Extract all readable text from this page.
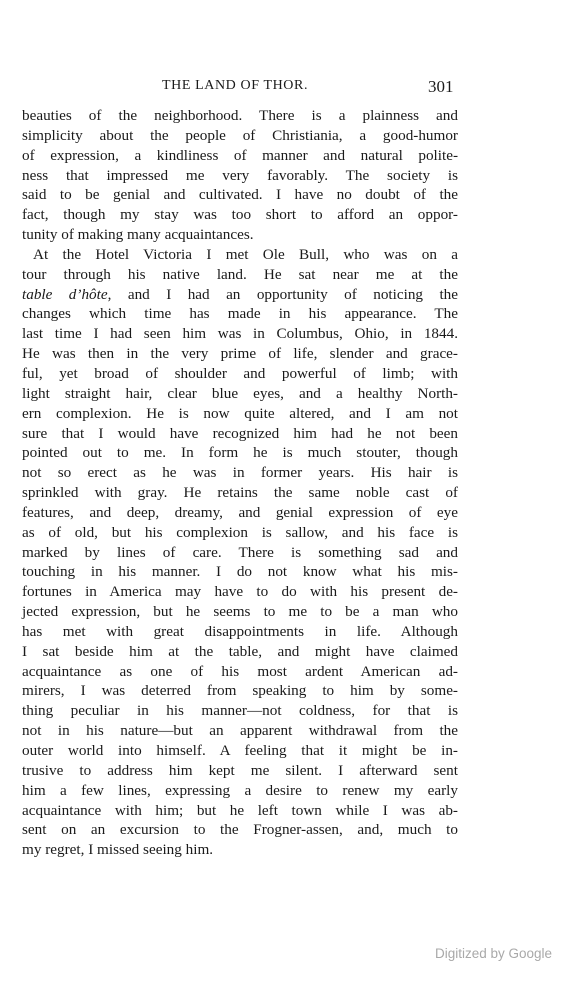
THE LAND OF THOR.	301
beauties of the neighborhood. There is a plainness and
simplicity about the people of Christiania, a good-humor
of expression, a kindliness of manner and natural polite-
ness that impressed me very favorably. The society is
said to be genial and cultivated. I have no doubt of the
fact, though my stay was too short to afford an oppor-
tunity of making many acquaintances.
At the Hotel Victoria I met Ole Bull, who was on a
tour through his native land. He sat near me at the
table d’hôte, and I had an opportunity of noticing the
changes which time has made in his appearance. The
last time I had seen him was in Columbus, Ohio, in 1844.
He was then in the very prime of life, slender and grace-
ful, yet broad of shoulder and powerful of limb; with
light straight hair, clear blue eyes, and a healthy North-
ern complexion. He is now quite altered, and I am not
sure that I would have recognized him had he not been
pointed out to me. In form he is much stouter, though
not so erect as he was in former years. His hair is
sprinkled with gray. He retains the same noble cast of
features, and deep, dreamy, and genial expression of eye
as of old, but his complexion is sallow, and his face is
marked by lines of care. There is something sad and
touching in his manner. I do not know what his mis-
fortunes in America may have to do with his present de-
jected expression, but he seems to me to be a man who
has met with great disappointments in life. Although
I sat beside him at the table, and might have claimed
acquaintance as one of his most ardent American ad-
mirers, I was deterred from speaking to him by some-
thing peculiar in his manner—not coldness, for that is
not in his nature—but an apparent withdrawal from the
outer world into himself. A feeling that it might be in-
trusive to address him kept me silent. I afterward sent
him a few lines, expressing a desire to renew my early
acquaintance with him; but he left town while I was ab-
sent on an excursion to the Frogner-assen, and, much to
my regret, I missed seeing him.
Digitized by Google
